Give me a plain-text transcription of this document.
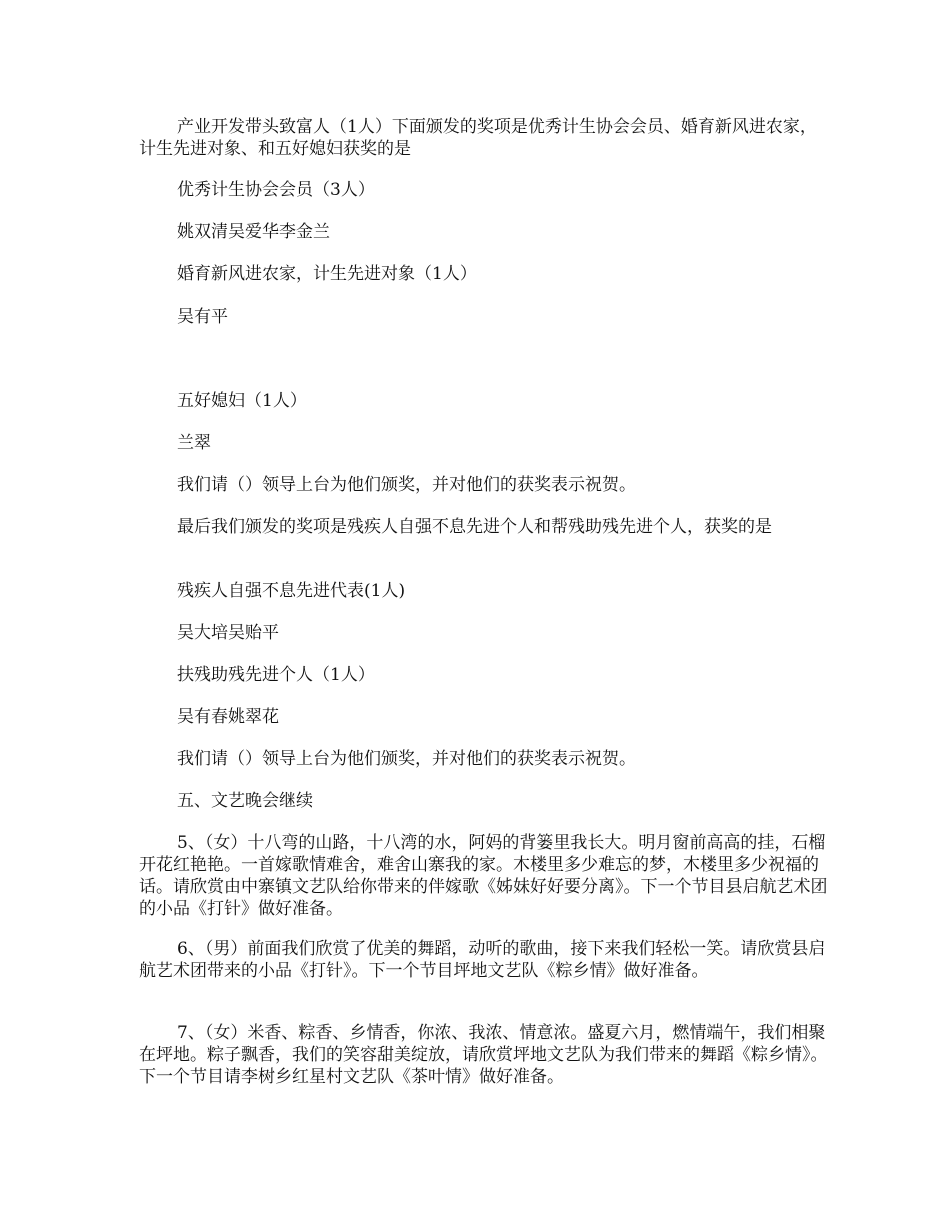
产业开发带头致富人（1人）下面颁发的奖项是优秀计生协会会员、婚育新风进农家，计生先进对象、和五好媳妇获奖的是

优秀计生协会会员（3人）

姚双清吴爱华李金兰

婚育新风进农家，计生先进对象（1人）

吴有平

五好媳妇（1人）

兰翠

我们请（）领导上台为他们颁奖，并对他们的获奖表示祝贺。

最后我们颁发的奖项是残疾人自强不息先进个人和帮残助残先进个人，获奖的是

残疾人自强不息先进代表(1人)

吴大培吴贻平

扶残助残先进个人（1人）

吴有春姚翠花

我们请（）领导上台为他们颁奖，并对他们的获奖表示祝贺。

五、文艺晚会继续

5、（女）十八弯的山路，十八湾的水，阿妈的背篓里我长大。明月窗前高高的挂，石榴开花红艳艳。一首嫁歌情难舍，难舍山寨我的家。木楼里多少难忘的梦，木楼里多少祝福的话。请欣赏由中寨镇文艺队给你带来的伴嫁歌《姊妹好好要分离》。下一个节目县启航艺术团的小品《打针》做好准备。

6、（男）前面我们欣赏了优美的舞蹈，动听的歌曲，接下来我们轻松一笑。请欣赏县启航艺术团带来的小品《打针》。下一个节目坪地文艺队《粽乡情》做好准备。

7、（女）米香、粽香、乡情香，你浓、我浓、情意浓。盛夏六月，燃情端午，我们相聚在坪地。粽子飘香，我们的笑容甜美绽放，请欣赏坪地文艺队为我们带来的舞蹈《粽乡情》。下一个节目请李树乡红星村文艺队《茶叶情》做好准备。
